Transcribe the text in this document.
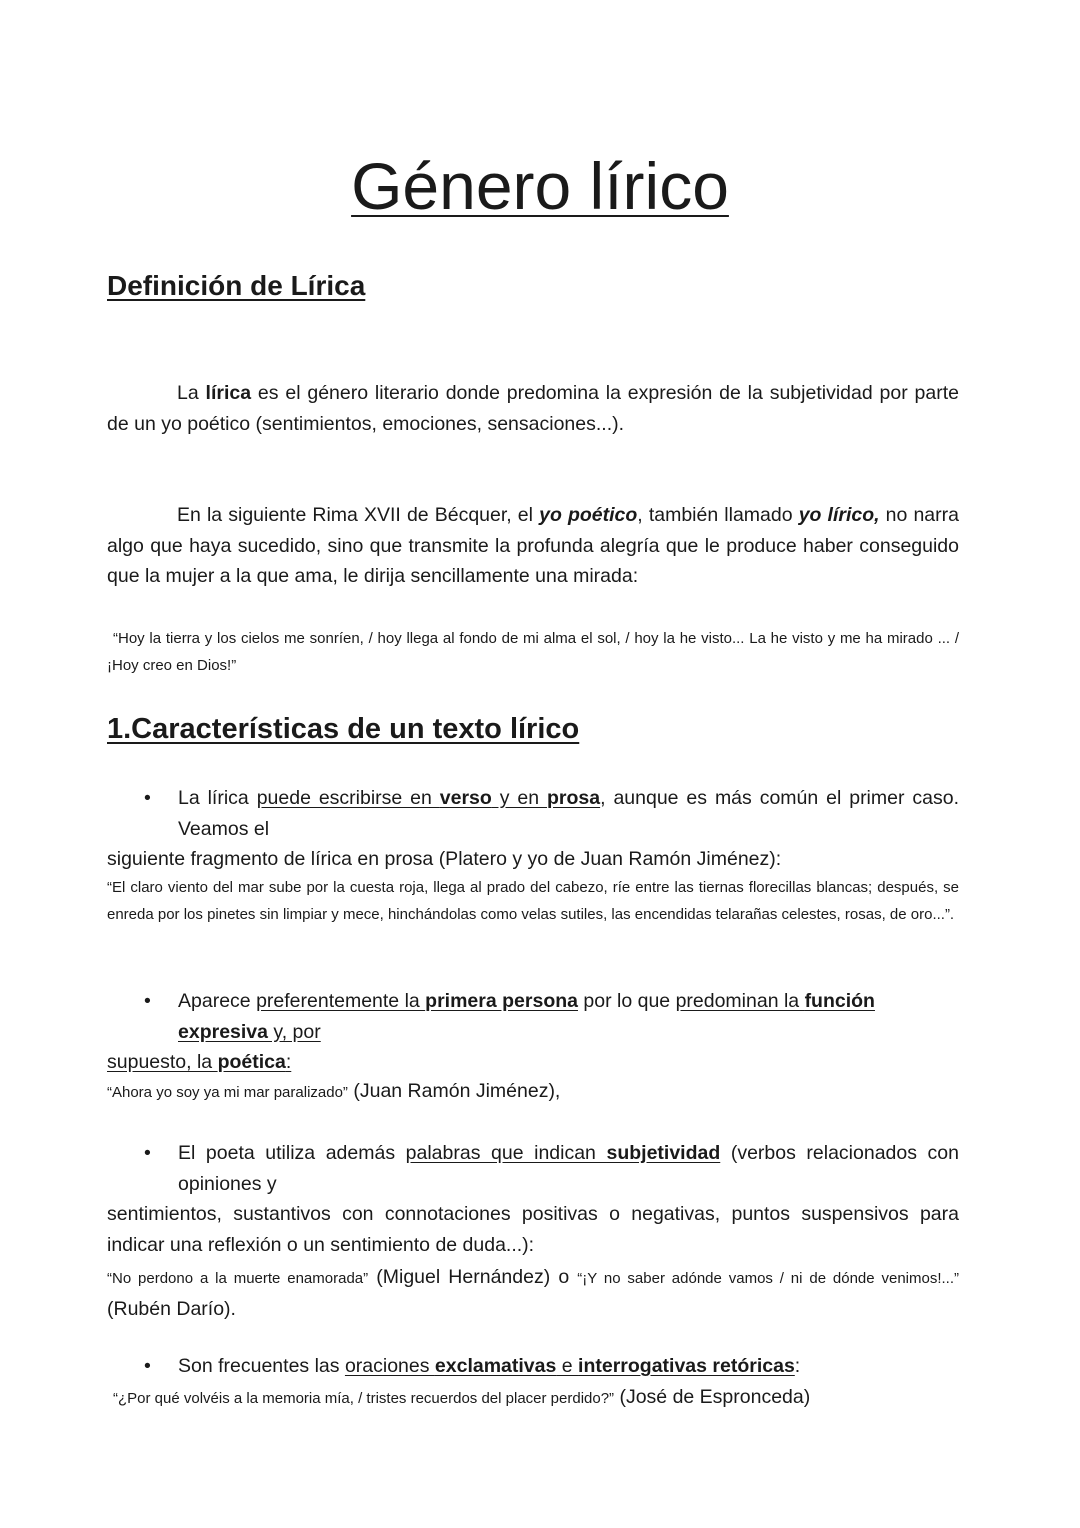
Género lírico
Definición de Lírica

La lírica es el género literario donde predomina la expresión de la subjetividad por parte de un yo poético (sentimientos, emociones, sensaciones...).

En la siguiente Rima XVII de Bécquer, el yo poético, también llamado yo lírico, no narra algo que haya sucedido, sino que transmite la profunda alegría que le produce haber conseguido que la mujer a la que ama, le dirija sencillamente una mirada:

“Hoy la tierra y los cielos me sonríen, / hoy llega al fondo de mi alma el sol, / hoy la he visto... La he visto y me ha mirado ... / ¡Hoy creo en Dios!”

1.Características de un texto lírico

• La lírica puede escribirse en verso y en prosa, aunque es más común el primer caso. Veamos el

siguiente fragmento de lírica en prosa (Platero y yo de Juan Ramón Jiménez):

“El claro viento del mar sube por la cuesta roja, llega al prado del cabezo, ríe entre las tiernas florecillas blancas; después, se enreda por los pinetes sin limpiar y mece, hinchándolas como velas sutiles, las encendidas telarañas celestes, rosas, de oro...”.

• Aparece preferentemente la primera persona por lo que predominan la función
expresiva y, por

supuesto, la poética:

“Ahora yo soy ya mi mar paralizado” (Juan Ramón Jiménez),

• El poeta utiliza además palabras que indican subjetividad (verbos relacionados con opiniones y

sentimientos, sustantivos con connotaciones positivas o negativas, puntos suspensivos para indicar una reflexión o un sentimiento de duda...):

“No perdono a la muerte enamorada” (Miguel Hernández) o “¡Y no saber adónde vamos / ni de dónde venimos!...” (Rubén Darío).

• Son frecuentes las oraciones exclamativas e interrogativas retóricas:

“¿Por qué volvéis a la memoria mía, / tristes recuerdos del placer perdido?” (José de Espronceda)
